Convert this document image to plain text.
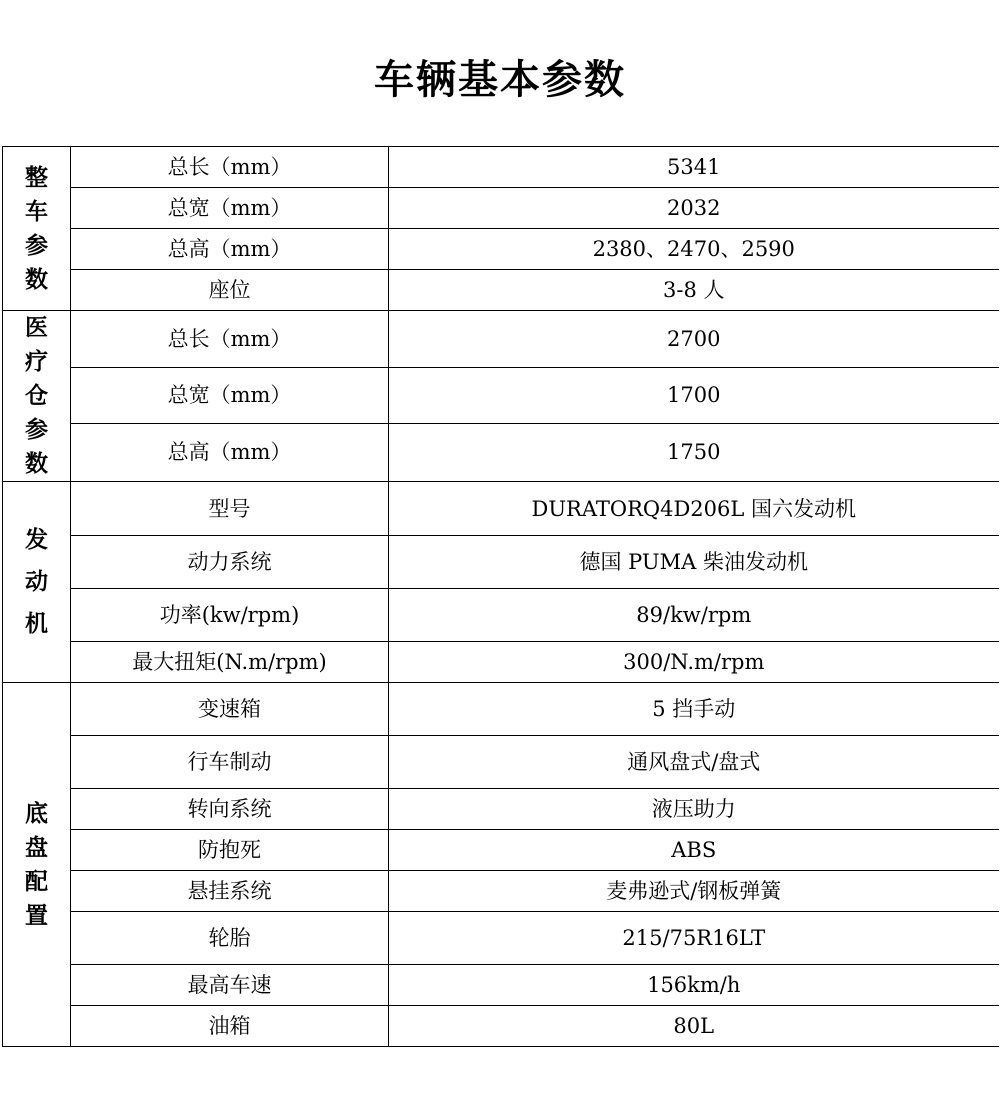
车辆基本参数
整车参数	总长（mm）	5341
	总宽（mm）	2032
	总高（mm）	2380、2470、2590
	座位	3-8 人
医疗仓参数	总长（mm）	2700
	总宽（mm）	1700
	总高（mm）	1750
发动机	型号	DURATORQ4D206L 国六发动机
	动力系统	德国 PUMA 柴油发动机
	功率(kw/rpm)	89/kw/rpm
	最大扭矩(N.m/rpm)	300/N.m/rpm
底盘配置	变速箱	5 挡手动
	行车制动	通风盘式/盘式
	转向系统	液压助力
	防抱死	ABS
	悬挂系统	麦弗逊式/钢板弹簧
	轮胎	215/75R16LT
	最高车速	156km/h
	油箱	80L
